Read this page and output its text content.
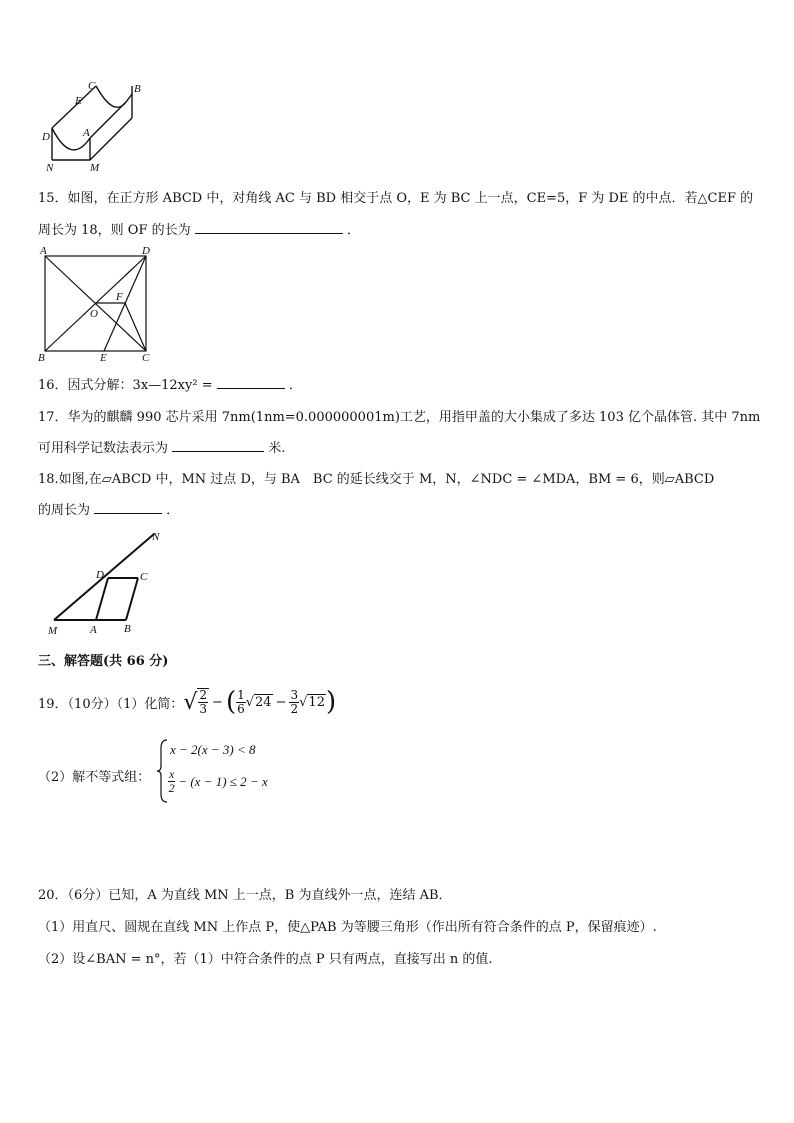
C	B
E
A
D
N	M
15．如图，在正方形 ABCD 中，对角线 AC 与 BD 相交于点 O，E 为 BC 上一点，CE=5，F 为 DE 的中点．若△CEF 的
周长为 18，则 OF 的长为	．
A	D
F
O
B	E	C
16．因式分解：3x—12xy² =	．
17．华为的麒麟 990 芯片采用 7nm(1nm=0.000000001m)工艺，用指甲盖的大小集成了多达 103 亿个晶体管. 其中 7nm
可用科学记数法表示为	米.
18.如图,在▱ABCD 中，MN 过点 D，与 BA　BC 的延长线交于 M，N，∠NDC = ∠MDA，BM = 6，则▱ABCD
的周长为	．
N
D	C
M	A B
三、解答题(共 66 分)
19．（10分）（1）化简： √ $\frac{2}{3}$ − ( $\frac{1}{6}$ √ $24 - \frac{3}{2}$ √ 12 )
（2）解不等式组：
x − 2(x − 3) < 8
$\frac{x}{2} - (x - 1) \le 2 - x$
20．（6分）已知，A 为直线 MN 上一点，B 为直线外一点，连结 AB．
（1）用直尺、圆规在直线 MN 上作点 P，使△PAB 为等腰三角形（作出所有符合条件的点 P，保留痕迹）.
（2）设∠BAN = n°，若（1）中符合条件的点 P 只有两点，直接写出 n 的值.
